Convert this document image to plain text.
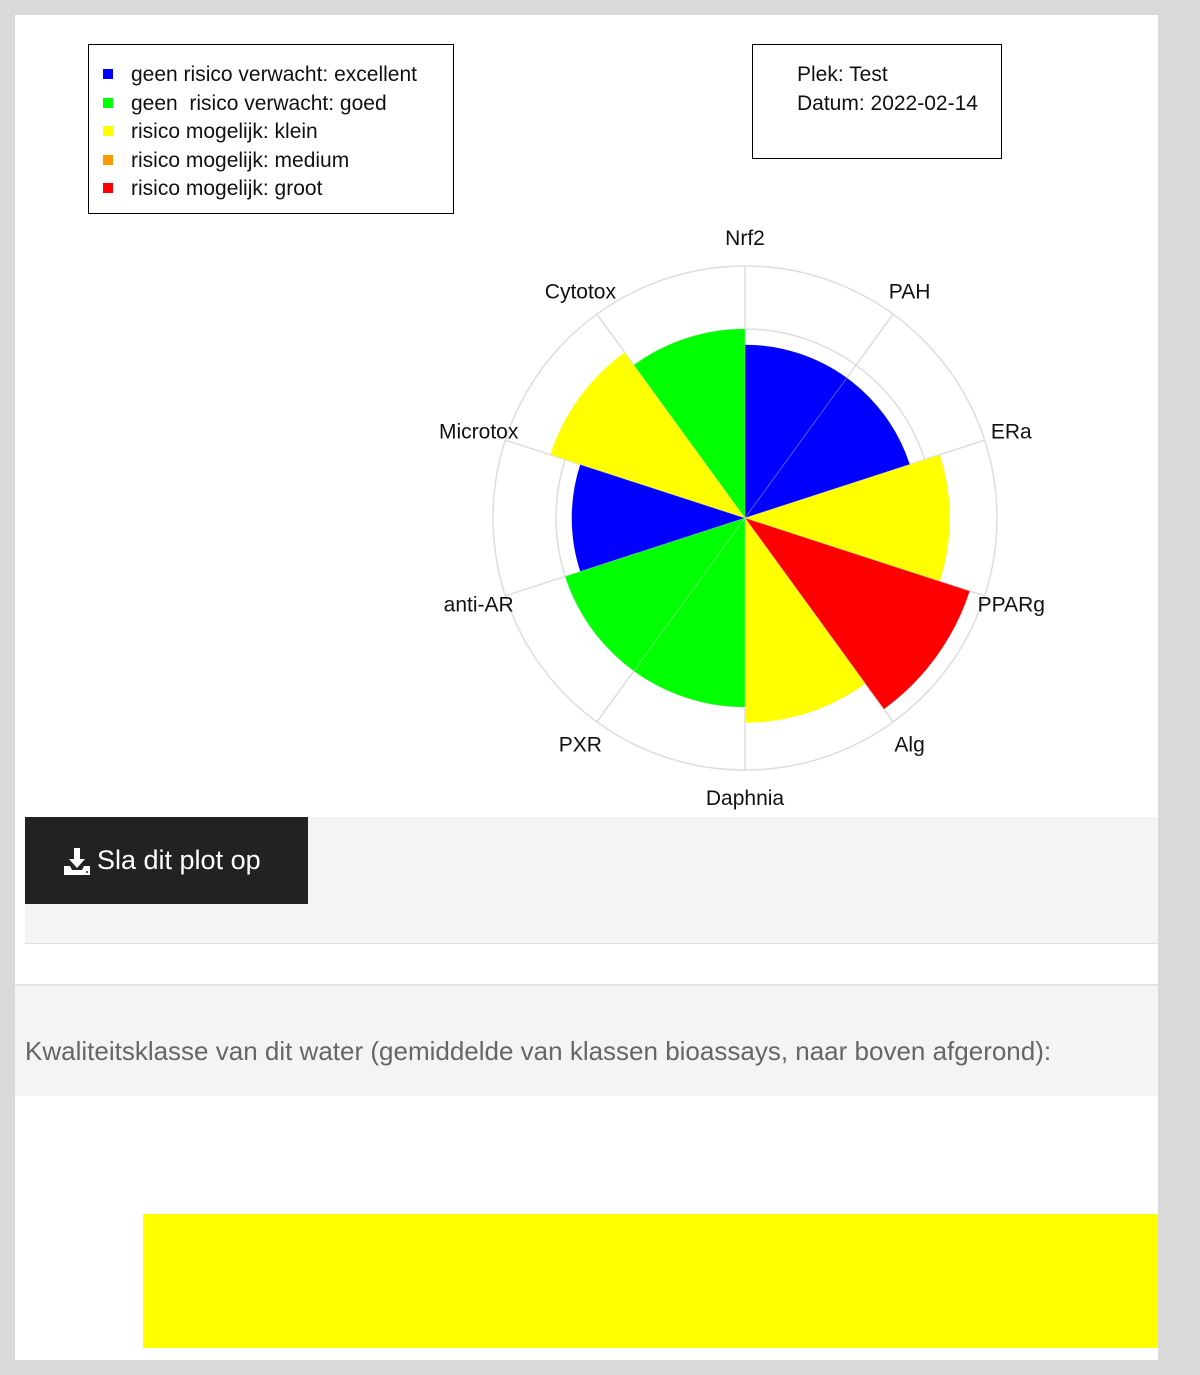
geen risico verwacht: excellent
geen  risico verwacht: goed
risico mogelijk: klein
risico mogelijk: medium
risico mogelijk: groot
Plek: Test
Datum: 2022-02-14
Nrf2
PAH
ERa
PPARg
Alg
Daphnia
PXR
anti-AR
Microtox
Cytotox
Sla dit plot op
Kwaliteitsklasse van dit water (gemiddelde van klassen bioassays, naar boven afgerond):
